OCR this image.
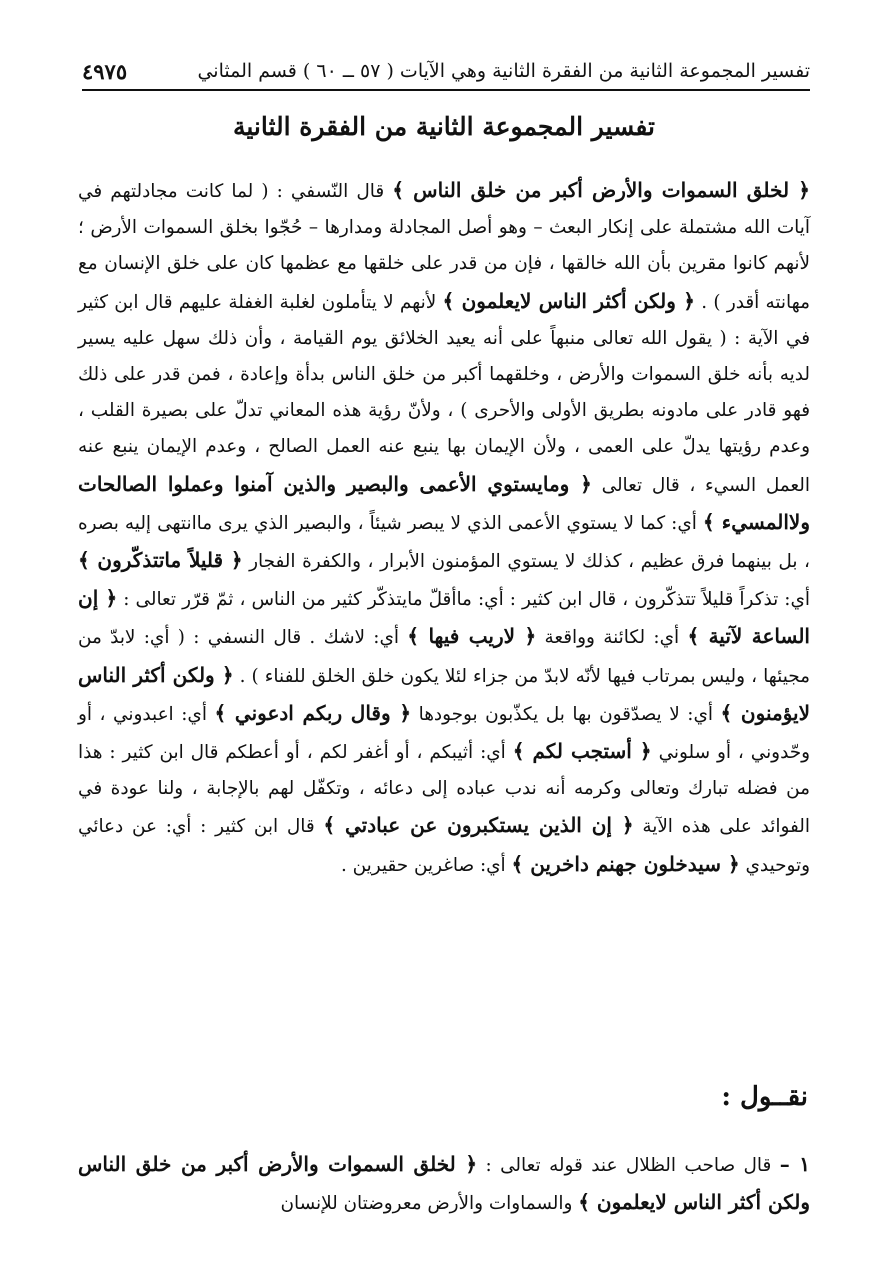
تفسير المجموعة الثانية من الفقرة الثانية وهي الآيات ( ٥٧ ــ ٦٠ ) قسم المثاني
٤٩٧٥
تفسير المجموعة الثانية من الفقرة الثانية

﴿ لخلق السموات والأرض أكبر من خلق الناس ﴾ قال النّسفي : ( لما كانت مجادلتهم في آيات الله مشتملة على إنكار البعث – وهو أصل المجادلة ومدارها – حُجّوا بخلق السموات الأرض ؛ لأنهم كانوا مقرين بأن الله خالقها ، فإن من قدر على خلقها مع عظمها كان على خلق الإنسان مع مهانته أقدر ) . ﴿ ولكن أكثر الناس لايعلمون ﴾ لأنهم لا يتأملون لغلبة الغفلة عليهم قال ابن كثير في الآية : ( يقول الله تعالى منبهاً على أنه يعيد الخلائق يوم القيامة ، وأن ذلك سهل عليه يسير لديه بأنه خلق السموات والأرض ، وخلقهما أكبر من خلق الناس بدأة وإعادة ، فمن قدر على ذلك فهو قادر على مادونه بطريق الأولى والأحرى ) ، ولأنّ رؤية هذه المعاني تدلّ على بصيرة القلب ، وعدم رؤيتها يدلّ على العمى ، ولأن الإيمان بها ينبع عنه العمل الصالح ، وعدم الإيمان ينبع عنه العمل السيء ، قال تعالى ﴿ ومايستوي الأعمى والبصير والذين آمنوا وعملوا الصالحات ولاالمسيء ﴾ أي: كما لا يستوي الأعمى الذي لا يبصر شيئاً ، والبصير الذي يرى ماانتهى إليه بصره ، بل بينهما فرق عظيم ، كذلك لا يستوي المؤمنون الأبرار ، والكفرة الفجار ﴿ قليلاً ماتتذكّرون ﴾ أي: تذكراً قليلاً تتذكّرون ، قال ابن كثير : أي: ماأقلّ مايتذكّر كثير من الناس ، ثمّ قرّر تعالى : ﴿ إن الساعة لآتية ﴾ أي: لكائنة وواقعة ﴿ لاريب فيها ﴾ أي: لاشك . قال النسفي : ( أي: لابدّ من مجيئها ، وليس بمرتاب فيها لأنّه لابدّ من جزاء لئلا يكون خلق الخلق للفناء ) . ﴿ ولكن أكثر الناس لايؤمنون ﴾ أي: لا يصدّقون بها بل يكذّبون بوجودها ﴿ وقال ربكم ادعوني ﴾ أي: اعبدوني ، أو وحّدوني ، أو سلوني ﴿ أستجب لكم ﴾ أي: أثيبكم ، أو أغفر لكم ، أو أعطكم قال ابن كثير : هذا من فضله تبارك وتعالى وكرمه أنه ندب عباده إلى دعائه ، وتكفّل لهم بالإجابة ، ولنا عودة في الفوائد على هذه الآية ﴿ إن الذين يستكبرون عن عبادتي ﴾ قال ابن كثير : أي: عن دعائي وتوحيدي ﴿ سيدخلون جهنم داخرين ﴾ أي: صاغرين حقيرين .

نقــول :
١ – قال صاحب الظلال عند قوله تعالى : ﴿ لخلق السموات والأرض أكبر من خلق الناس ولكن أكثر الناس لايعلمون ﴾ والسماوات والأرض معروضتان للإنسان
